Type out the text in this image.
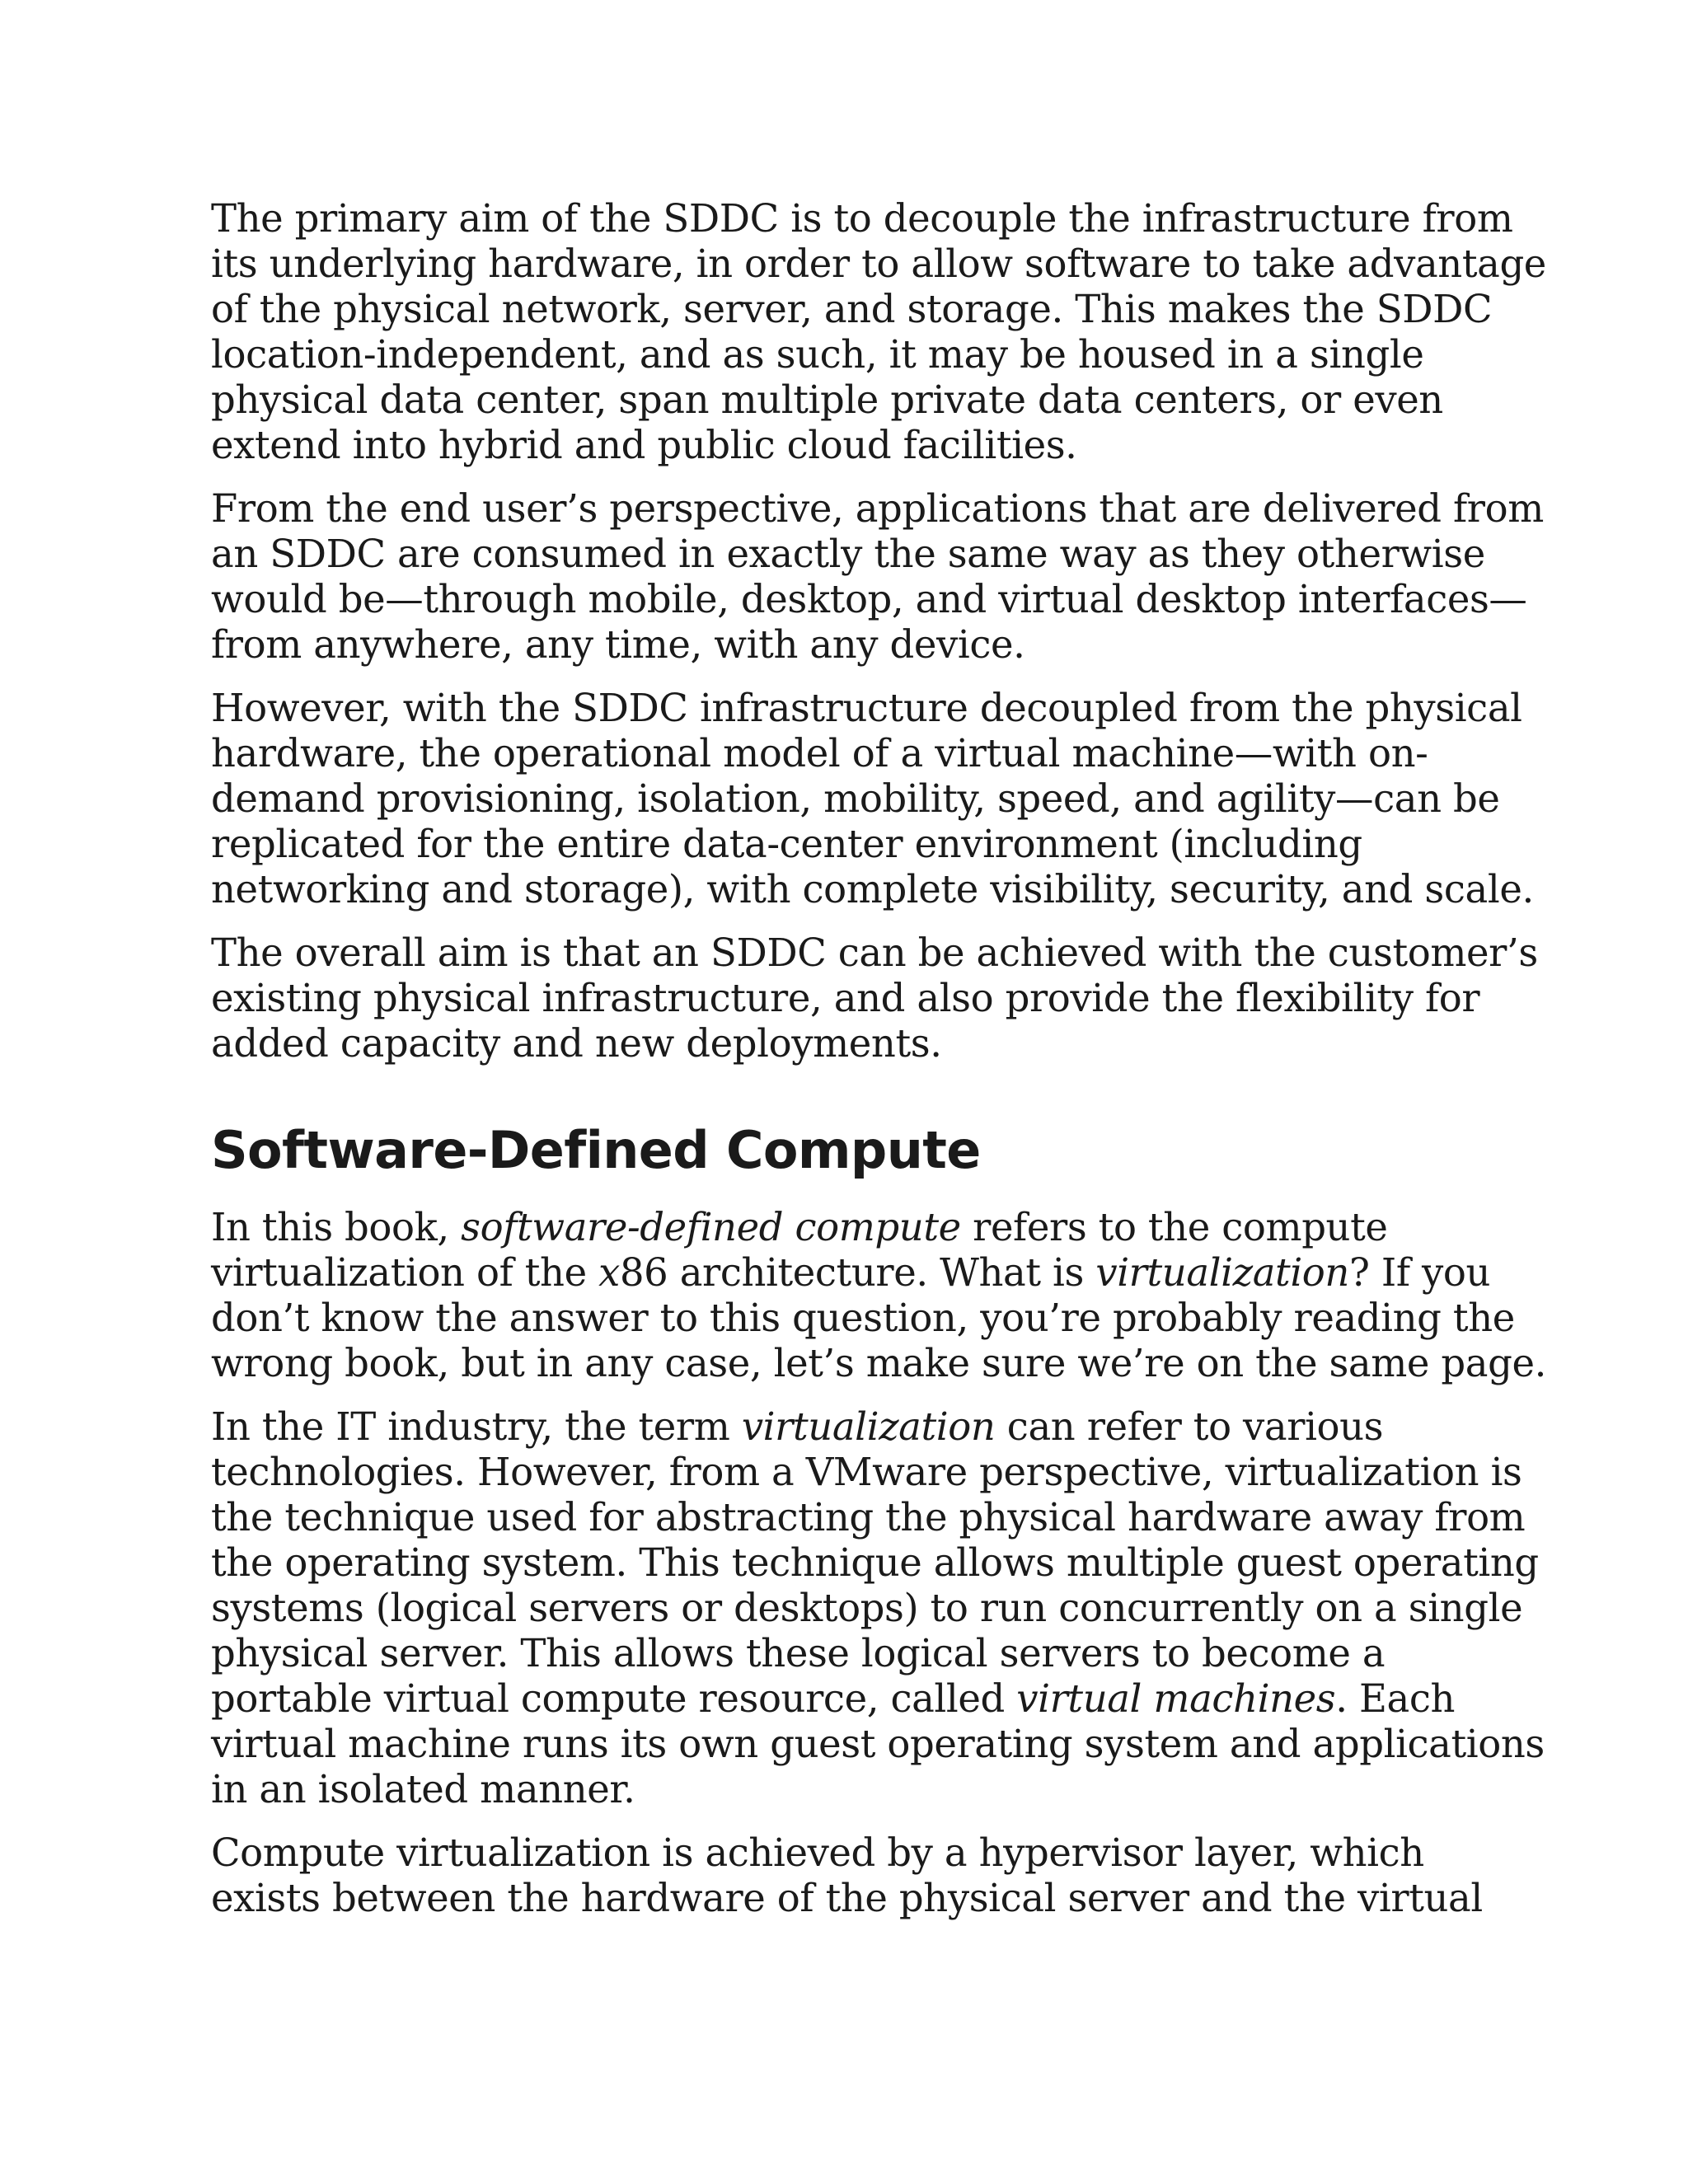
The primary aim of the SDDC is to decouple the infrastructure from
its underlying hardware, in order to allow software to take advantage
of the physical network, server, and storage. This makes the SDDC
location-independent, and as such, it may be housed in a single
physical data center, span multiple private data centers, or even
extend into hybrid and public cloud facilities.

From the end user’s perspective, applications that are delivered from
an SDDC are consumed in exactly the same way as they otherwise
would be—through mobile, desktop, and virtual desktop interfaces—
from anywhere, any time, with any device.

However, with the SDDC infrastructure decoupled from the physical
hardware, the operational model of a virtual machine—with on-
demand provisioning, isolation, mobility, speed, and agility—can be
replicated for the entire data-center environment (including
networking and storage), with complete visibility, security, and scale.

The overall aim is that an SDDC can be achieved with the customer’s
existing physical infrastructure, and also provide the flexibility for
added capacity and new deployments.

Software-Defined Compute

In this book, software-defined compute refers to the compute
virtualization of the x86 architecture. What is virtualization? If you
don’t know the answer to this question, you’re probably reading the
wrong book, but in any case, let’s make sure we’re on the same page.

In the IT industry, the term virtualization can refer to various
technologies. However, from a VMware perspective, virtualization is
the technique used for abstracting the physical hardware away from
the operating system. This technique allows multiple guest operating
systems (logical servers or desktops) to run concurrently on a single
physical server. This allows these logical servers to become a
portable virtual compute resource, called virtual machines. Each
virtual machine runs its own guest operating system and applications
in an isolated manner.

Compute virtualization is achieved by a hypervisor layer, which
exists between the hardware of the physical server and the virtual
